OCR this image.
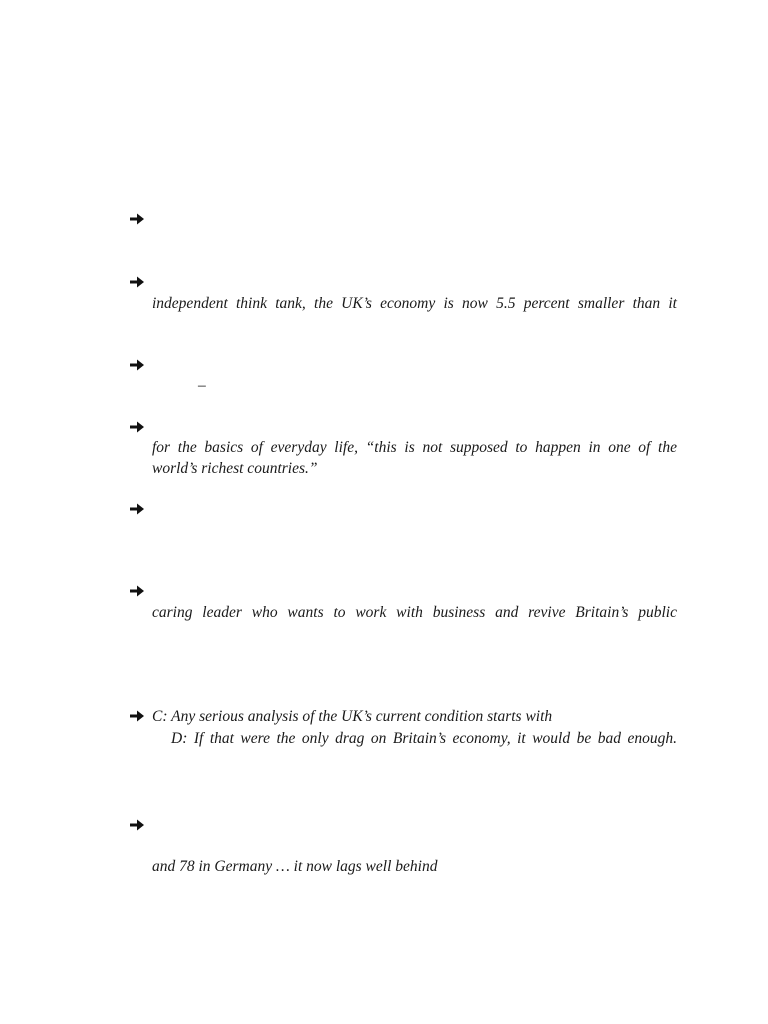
independent think tank, the UK’s economy is now 5.5 percent smaller than it
–
for the basics of everyday life, “this is not supposed to happen in one of the
world’s richest countries.”
caring leader who wants to work with business and revive Britain’s public
C: Any serious analysis of the UK’s current condition starts with
D: If that were the only drag on Britain’s economy, it would be bad enough.
and 78 in Germany … it now lags well behind
